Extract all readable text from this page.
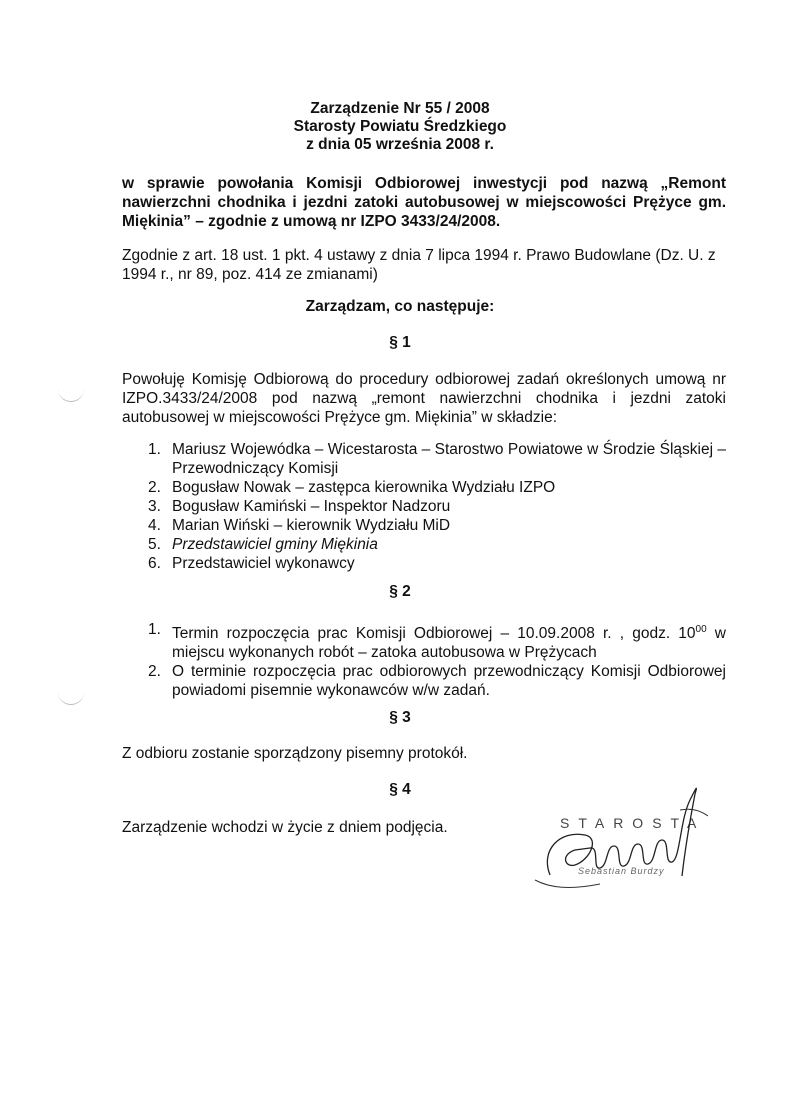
Zarządzenie Nr 55 / 2008
Starosty Powiatu Średzkiego
z dnia 05 września 2008 r.
w sprawie powołania Komisji Odbiorowej inwestycji pod nazwą „Remont nawierzchni chodnika i jezdni zatoki autobusowej w miejscowości Prężyce gm. Miękinia” – zgodnie z umową nr IZPO 3433/24/2008.
Zgodnie z art. 18 ust. 1 pkt. 4 ustawy z dnia 7 lipca 1994 r. Prawo Budowlane (Dz. U. z 1994 r., nr 89, poz. 414 ze zmianami)
Zarządzam, co następuje:
§ 1
Powołuję Komisję Odbiorową do procedury odbiorowej zadań określonych umową nr IZPO.3433/24/2008 pod nazwą „remont nawierzchni chodnika i jezdni zatoki autobusowej w miejscowości Prężyce gm. Miękinia” w składzie:
1. Mariusz Wojewódka – Wicestarosta – Starostwo Powiatowe w Środzie Śląskiej – Przewodniczący Komisji
2. Bogusław Nowak – zastępca kierownika Wydziału IZPO
3. Bogusław Kamiński – Inspektor Nadzoru
4. Marian Wiński – kierownik Wydziału MiD
5. Przedstawiciel gminy Miękinia
6. Przedstawiciel wykonawcy
§ 2
1. Termin rozpoczęcia prac Komisji Odbiorowej – 10.09.2008 r. , godz. $10^{00}$ w miejscu wykonanych robót – zatoka autobusowa w Prężycach
2. O terminie rozpoczęcia prac odbiorowych przewodniczący Komisji Odbiorowej powiadomi pisemnie wykonawców w/w zadań.
§ 3
Z odbioru zostanie sporządzony pisemny protokół.
§ 4
Zarządzenie wchodzi w życie z dniem podjęcia.	STAROSTA
Sebastian Burdzy
